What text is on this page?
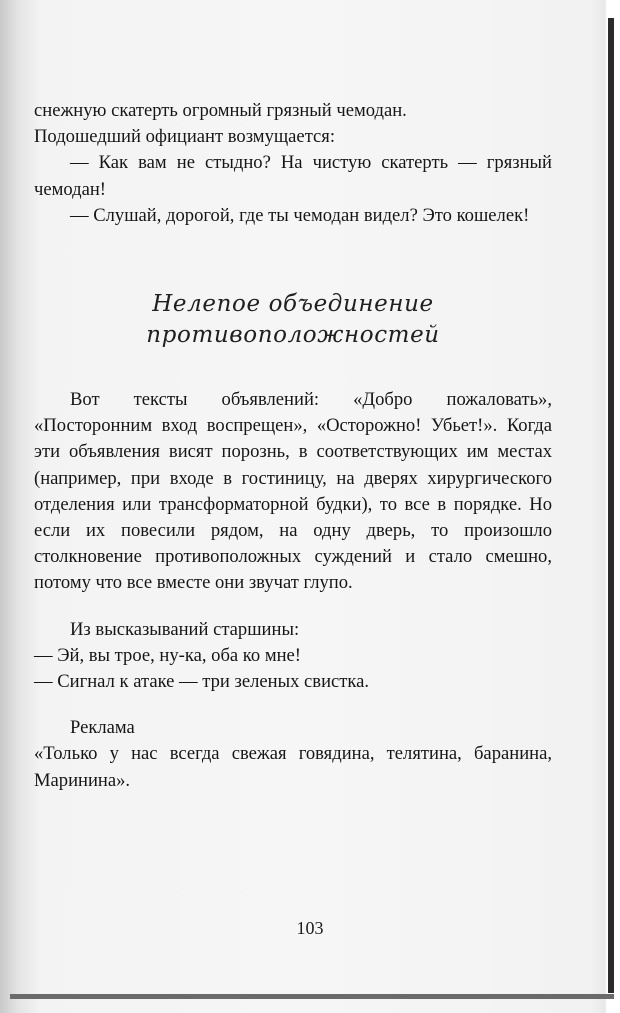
снежную скатерть огромный грязный чемодан.

Подошедший официант возмущается:

— Как вам не стыдно? На чистую скатерть — грязный чемодан!

— Слушай, дорогой, где ты чемодан видел? Это кошелек!

Нелепое объединение
противоположностей

Вот тексты объявлений: «Добро пожаловать», «Посторонним вход воспрещен», «Осторожно! Убьет!». Когда эти объявления висят порознь, в соответствующих им местах (например, при входе в гостиницу, на дверях хирургического отделения или трансформаторной будки), то все в порядке. Но если их повесили рядом, на одну дверь, то произошло столкновение противоположных суждений и стало смешно, потому что все вместе они звучат глупо.

Из высказываний старшины:

— Эй, вы трое, ну-ка, оба ко мне!

— Сигнал к атаке — три зеленых свистка.

Реклама

«Только у нас всегда свежая говядина, телятина, баранина, Маринина».

103
